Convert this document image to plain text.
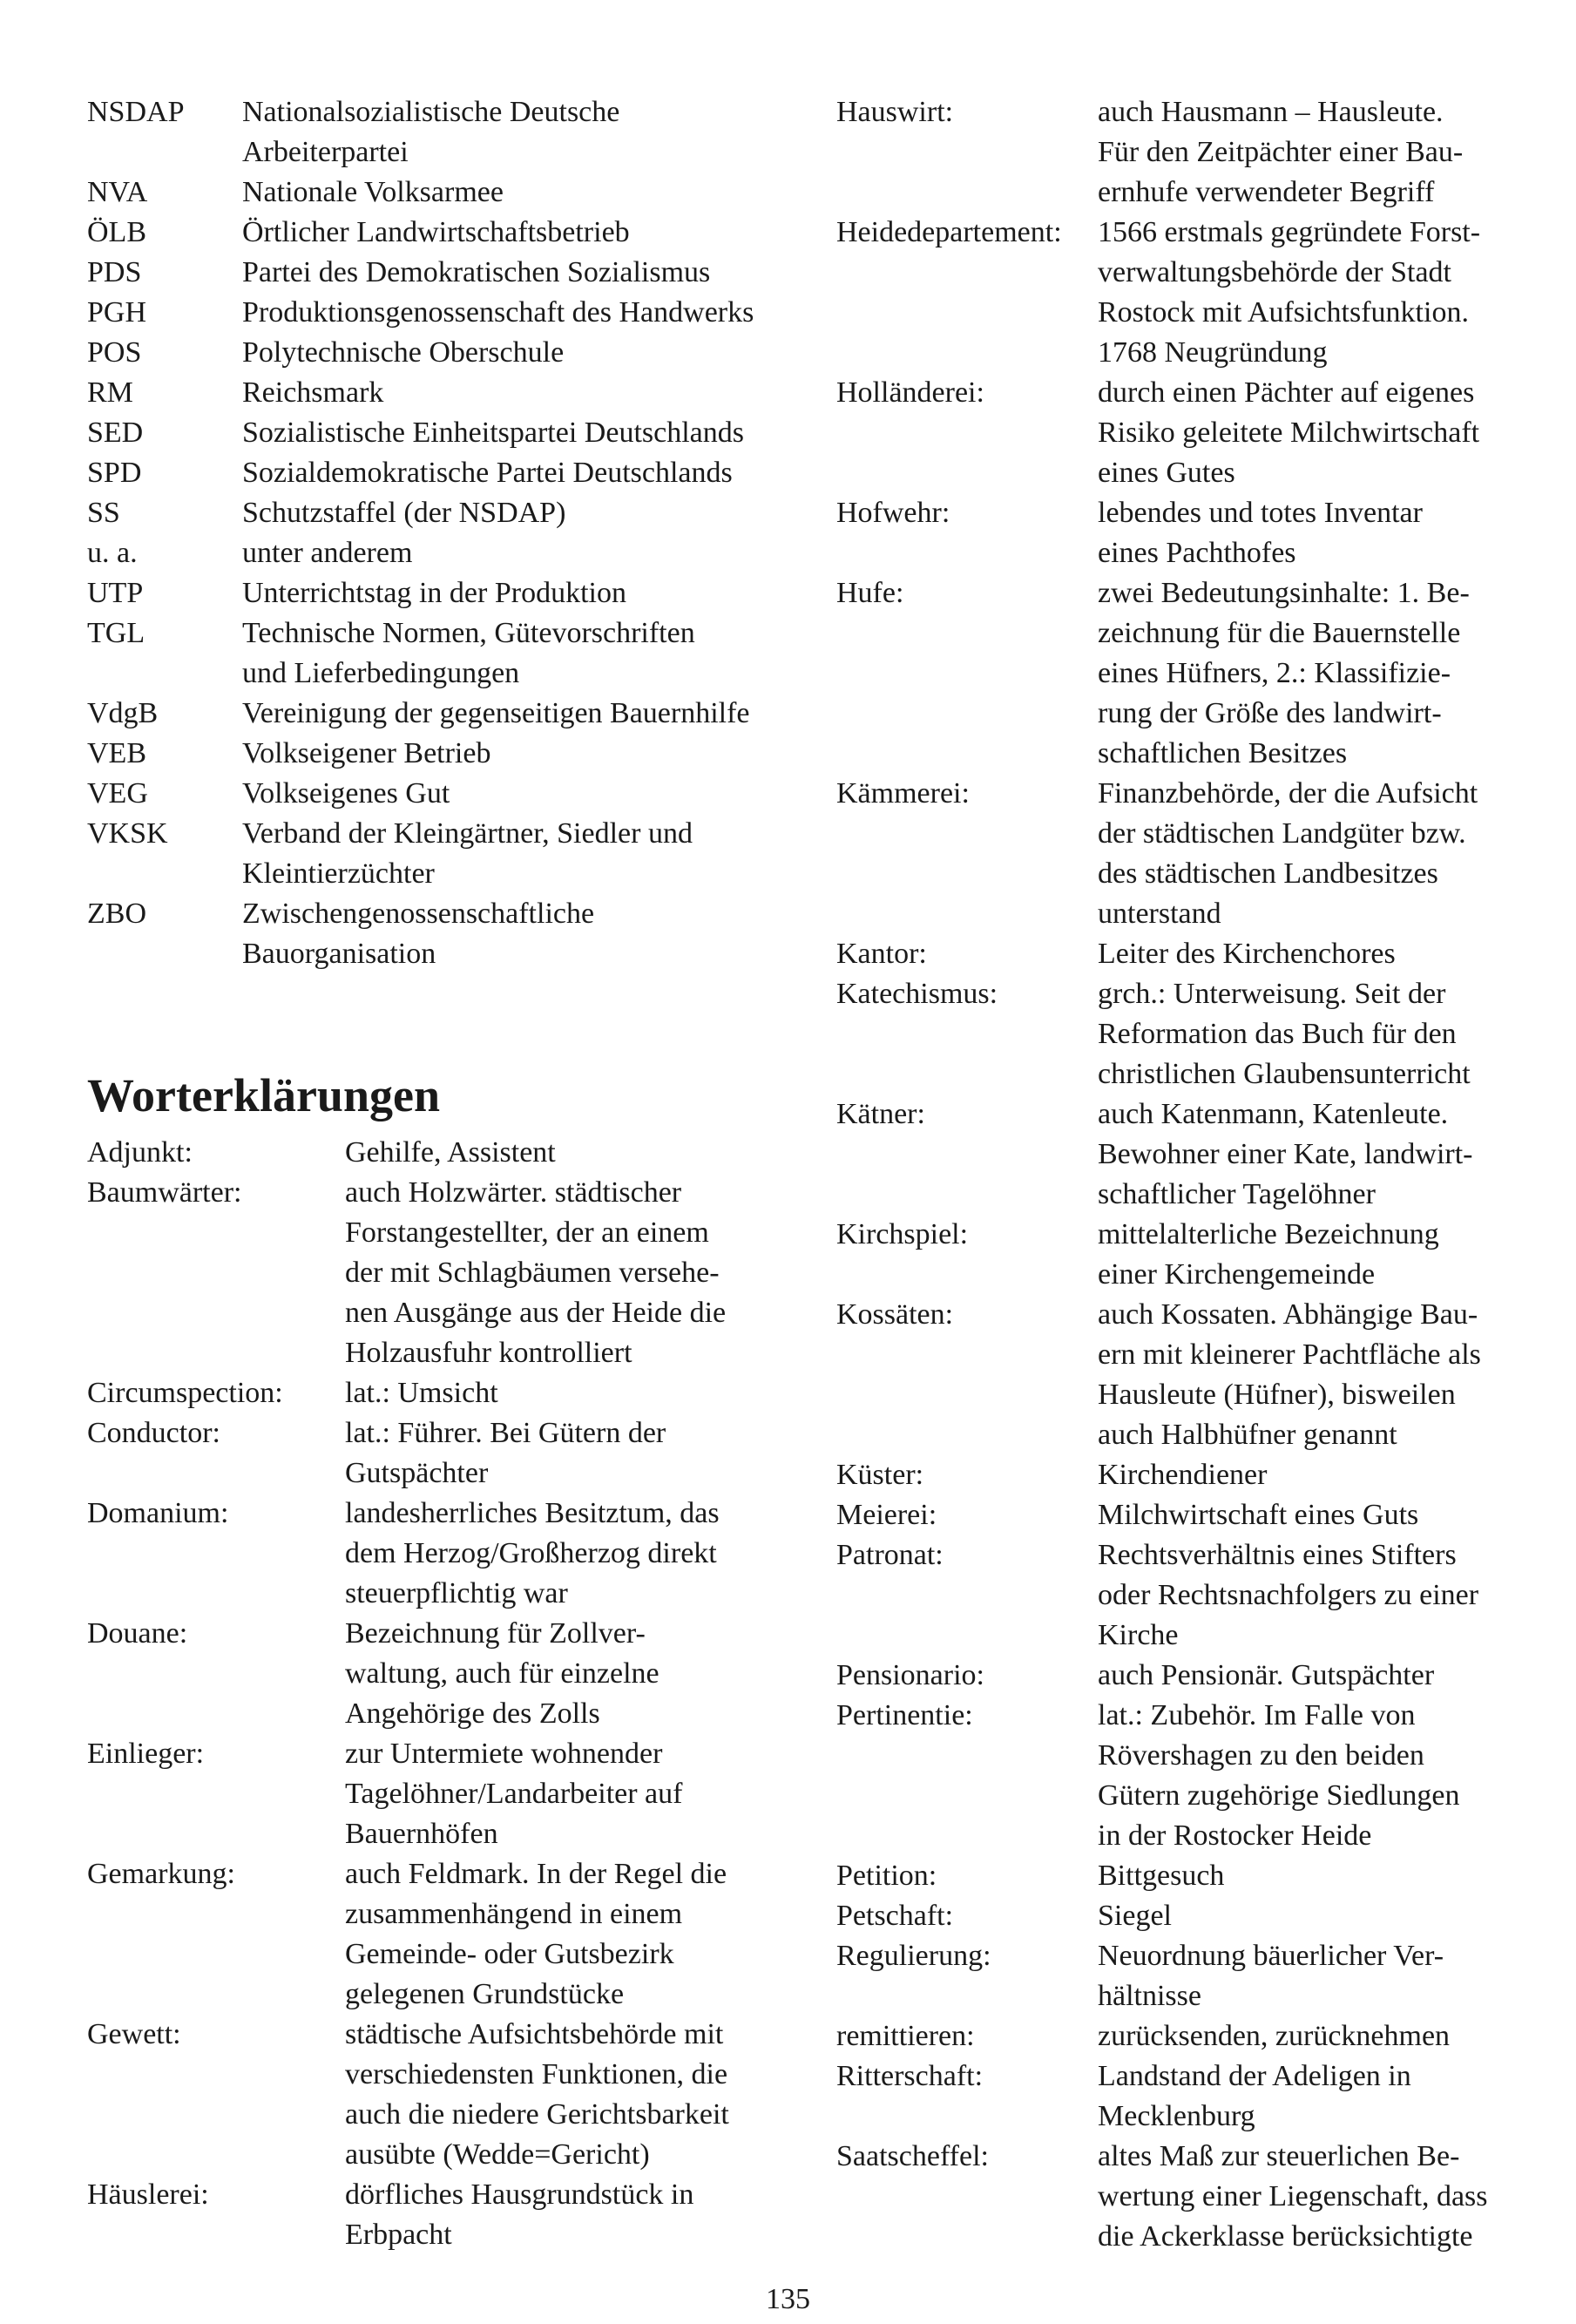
NSDAP	Nationalsozialistische Deutsche
Arbeiterpartei
NVA	Nationale Volksarmee
ÖLB	Örtlicher Landwirtschaftsbetrieb
PDS	Partei des Demokratischen Sozialismus
PGH	Produktionsgenossenschaft des Handwerks
POS	Polytechnische Oberschule
RM	Reichsmark
SED	Sozialistische Einheitspartei Deutschlands
SPD	Sozialdemokratische Partei Deutschlands
SS	Schutzstaffel (der NSDAP)
u. a.	unter anderem
UTP	Unterrichtstag in der Produktion
TGL	Technische Normen, Gütevorschriften
und Lieferbedingungen
VdgB	Vereinigung der gegenseitigen Bauernhilfe
VEB	Volkseigener Betrieb
VEG	Volkseigenes Gut
VKSK	Verband der Kleingärtner, Siedler und
Kleintierzüchter
ZBO	Zwischengenossenschaftliche
Bauorganisation
Worterklärungen
Adjunkt:	Gehilfe, Assistent
Baumwärter:	auch Holzwärter. städtischer
Forstangestellter, der an einem
der mit Schlagbäumen versehe-
nen Ausgänge aus der Heide die
Holzausfuhr kontrolliert
Circumspection:	lat.: Umsicht
Conductor:	lat.: Führer. Bei Gütern der
Gutspächter
Domanium:	landesherrliches Besitztum, das
dem Herzog/Großherzog direkt
steuerpflichtig war
Douane:	Bezeichnung für Zollver-
waltung, auch für einzelne
Angehörige des Zolls
Einlieger:	zur Untermiete wohnender
Tagelöhner/Landarbeiter auf
Bauernhöfen
Gemarkung:	auch Feldmark. In der Regel die
zusammenhängend in einem
Gemeinde- oder Gutsbezirk
gelegenen Grundstücke
Gewett:	städtische Aufsichtsbehörde mit
verschiedensten Funktionen, die
auch die niedere Gerichtsbarkeit
ausübte (Wedde=Gericht)
Häuslerei:	dörfliches Hausgrundstück in
Erbpacht
Hauswirt:	auch Hausmann – Hausleute.
Für den Zeitpächter einer Bau-
ernhufe verwendeter Begriff
Heidedepartement:	1566 erstmals gegründete Forst-
verwaltungsbehörde der Stadt
Rostock mit Aufsichtsfunktion.
1768 Neugründung
Holländerei:	durch einen Pächter auf eigenes
Risiko geleitete Milchwirtschaft
eines Gutes
Hofwehr:	lebendes und totes Inventar
eines Pachthofes
Hufe:	zwei Bedeutungsinhalte: 1. Be-
zeichnung für die Bauernstelle
eines Hüfners, 2.: Klassifizie-
rung der Größe des landwirt-
schaftlichen Besitzes
Kämmerei:	Finanzbehörde, der die Aufsicht
der städtischen Landgüter bzw.
des städtischen Landbesitzes
unterstand
Kantor:	Leiter des Kirchenchores
Katechismus:	grch.: Unterweisung. Seit der
Reformation das Buch für den
christlichen Glaubensunterricht
Kätner:	auch Katenmann, Katenleute.
Bewohner einer Kate, landwirt-
schaftlicher Tagelöhner
Kirchspiel:	mittelalterliche Bezeichnung
einer Kirchengemeinde
Kossäten:	auch Kossaten. Abhängige Bau-
ern mit kleinerer Pachtfläche als
Hausleute (Hüfner), bisweilen
auch Halbhüfner genannt
Küster:	Kirchendiener
Meierei:	Milchwirtschaft eines Guts
Patronat:	Rechtsverhältnis eines Stifters
oder Rechtsnachfolgers zu einer
Kirche
Pensionario:	auch Pensionär. Gutspächter
Pertinentie:	lat.: Zubehör. Im Falle von
Rövershagen zu den beiden
Gütern zugehörige Siedlungen
in der Rostocker Heide
Petition:	Bittgesuch
Petschaft:	Siegel
Regulierung:	Neuordnung bäuerlicher Ver-
hältnisse
remittieren:	zurücksenden, zurücknehmen
Ritterschaft:	Landstand der Adeligen in
Mecklenburg
Saatscheffel:	altes Maß zur steuerlichen Be-
wertung einer Liegenschaft, dass
die Ackerklasse berücksichtigte
135
